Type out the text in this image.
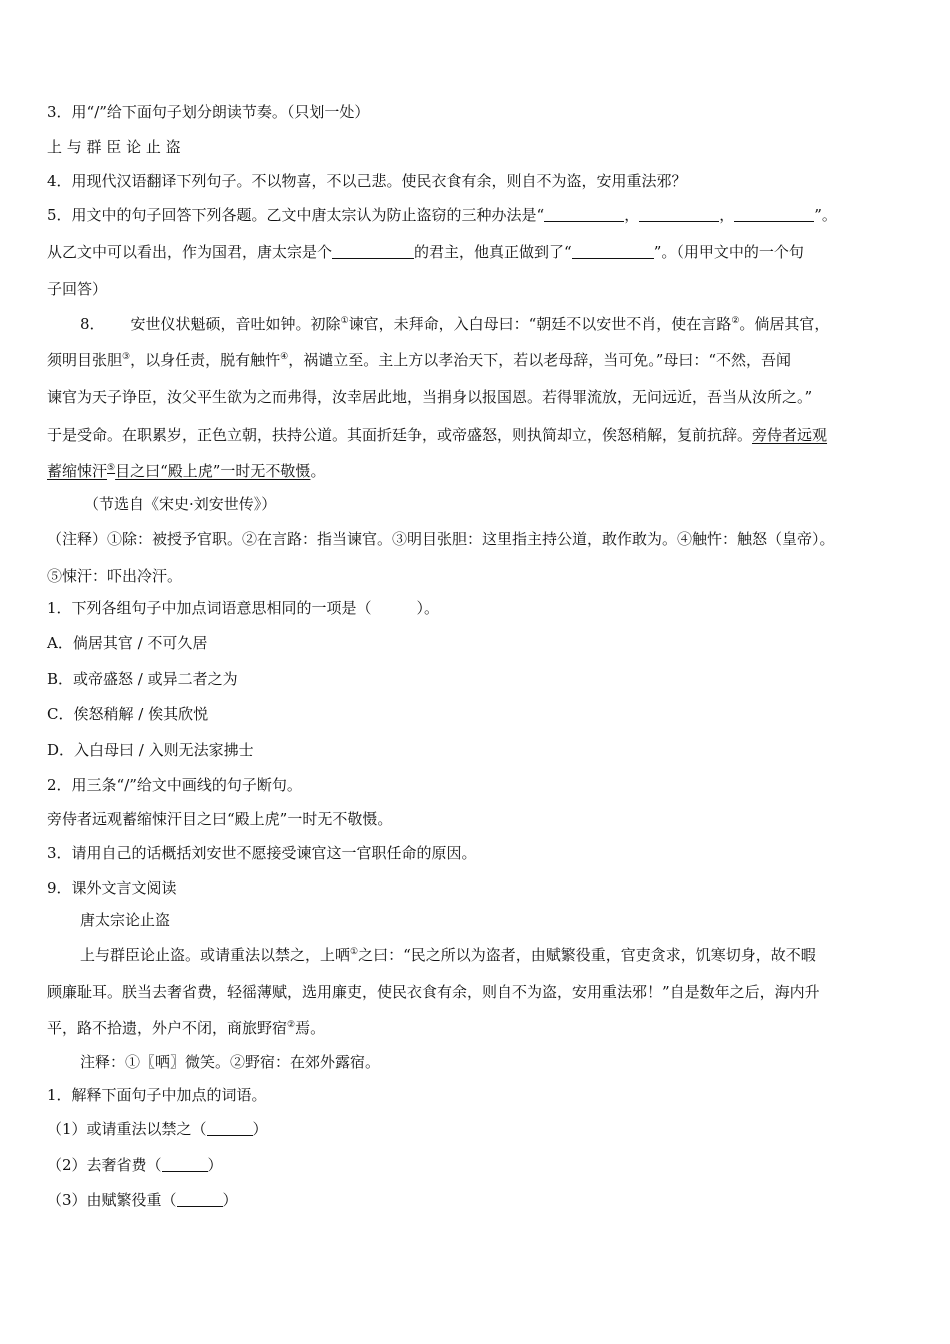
3．用“/”给下面句子划分朗读节奏。（只划一处）
上 与 群 臣 论 止 盗
4．用现代汉语翻译下列句子。不以物喜，不以己悲。使民衣食有余，则自不为盗，安用重法邪？
5．用文中的句子回答下列各题。乙文中唐太宗认为防止盗窃的三种办法是“	，	，	”。
从乙文中可以看出，作为国君，唐太宗是个	的君主，他真正做到了“	”。（用甲文中的一个句
子回答）
8． 安世仪状魁硕，音吐如钟。初除①谏官，未拜命，入白母曰：“朝廷不以安世不肖，使在言路②。倘居其官，
须明目张胆③，以身任责，脱有触忤④，祸谴立至。主上方以孝治天下，若以老母辞，当可免。”母曰：“不然，吾闻
谏官为天子诤臣，汝父平生欲为之而弗得，汝幸居此地，当捐身以报国恩。若得罪流放，无问远近，吾当从汝所之。”
于是受命。在职累岁，正色立朝，扶持公道。其面折廷争，或帝盛怒，则执简却立，俟怒稍解，复前抗辞。旁侍者远观
蓄缩悚汗⑤目之曰“殿上虎”一时无不敬慑。
（节选自《宋史·刘安世传》）
（注释）①除：被授予官职。②在言路：指当谏官。③明目张胆：这里指主持公道，敢作敢为。④触忤：触怒（皇帝）。
⑤悚汗：吓出冷汗。
1．下列各组句子中加点词语意思相同的一项是（　　　）。
A．倘居其官 / 不可久居
B．或帝盛怒 / 或异二者之为
C．俟怒稍解 / 俟其欣悦
D．入白母曰 / 入则无法家拂士
2．用三条“/”给文中画线的句子断句。
旁侍者远观蓄缩悚汗目之曰“殿上虎”一时无不敬慑。
3．请用自己的话概括刘安世不愿接受谏官这一官职任命的原因。
9．课外文言文阅读
唐太宗论止盗
上与群臣论止盗。或请重法以禁之，上哂①之曰：“民之所以为盗者，由赋繁役重，官吏贪求，饥寒切身，故不暇
顾廉耻耳。朕当去奢省费，轻徭薄赋，选用廉吏，使民衣食有余，则自不为盗，安用重法邪！”自是数年之后，海内升
平，路不拾遗，外户不闭，商旅野宿②焉。
注释：①〖哂〗微笑。②野宿：在郊外露宿。
1．解释下面句子中加点的词语。
（1）或请重法以禁之（	）
（2）去奢省费（	）
（3）由赋繁役重（	）
